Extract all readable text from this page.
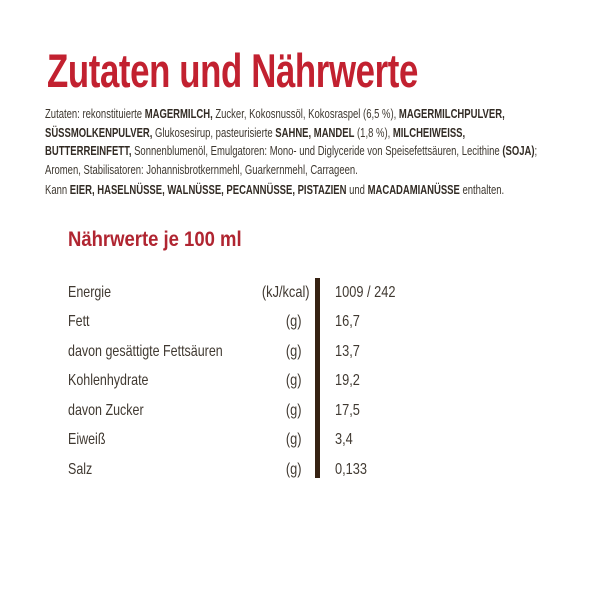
Zutaten und Nährwerte
Zutaten: rekonstituierte MAGERMILCH, Zucker, Kokosnussöl, Kokosraspel (6,5 %), MAGERMILCHPULVER,
SÜSSMOLKENPULVER, Glukosesirup, pasteurisierte SAHNE, MANDEL (1,8 %), MILCHEIWEISS,
BUTTERREINFETT, Sonnenblumenöl, Emulgatoren: Mono- und Diglyceride von Speisefettsäuren, Lecithine (SOJA);
Aromen, Stabilisatoren: Johannisbrotkernmehl, Guarkernmehl, Carrageen.
Kann EIER, HASELNÜSSE, WALNÜSSE, PECANNÜSSE, PISTAZIEN und MACADAMIANÜSSE enthalten.
Nährwerte je 100 ml
Energie	(kJ/kcal)	1009 / 242
Fett	(g)	16,7
davon gesättigte Fettsäuren	(g)	13,7
Kohlenhydrate	(g)	19,2
davon Zucker	(g)	17,5
Eiweiß	(g)	3,4
Salz	(g)	0,133
